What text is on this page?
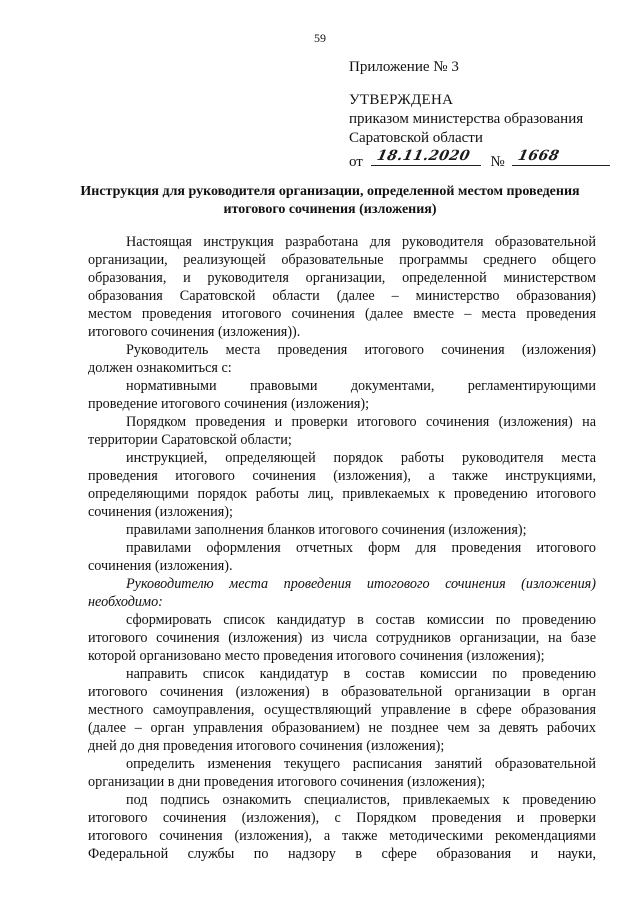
59
Приложение № 3
УТВЕРЖДЕНА
приказом министерства образования
Саратовской области
от 18.11.2020 № 1668
Инструкция для руководителя организации, определенной местом проведения итогового сочинения (изложения)
Настоящая инструкция разработана для руководителя образовательной
организации, реализующей образовательные программы среднего общего
образования, и руководителя организации, определенной министерством
образования Саратовской области (далее – министерство образования)
местом проведения итогового сочинения (далее вместе – места проведения
итогового сочинения (изложения)).
Руководитель места проведения итогового сочинения (изложения)
должен ознакомиться с:
нормативными правовыми документами, регламентирующими
проведение итогового сочинения (изложения);
Порядком проведения и проверки итогового сочинения (изложения) на
территории Саратовской области;
инструкцией, определяющей порядок работы руководителя места
проведения итогового сочинения (изложения), а также инструкциями,
определяющими порядок работы лиц, привлекаемых к проведению итогового
сочинения (изложения);
правилами заполнения бланков итогового сочинения (изложения);
правилами оформления отчетных форм для проведения итогового
сочинения (изложения).
Руководителю места проведения итогового сочинения (изложения)
необходимо:
сформировать список кандидатур в состав комиссии по проведению
итогового сочинения (изложения) из числа сотрудников организации, на базе
которой организовано место проведения итогового сочинения (изложения);
направить список кандидатур в состав комиссии по проведению
итогового сочинения (изложения) в образовательной организации в орган
местного самоуправления, осуществляющий управление в сфере образования
(далее – орган управления образованием) не позднее чем за девять рабочих
дней до дня проведения итогового сочинения (изложения);
определить изменения текущего расписания занятий образовательной
организации в дни проведения итогового сочинения (изложения);
под подпись ознакомить специалистов, привлекаемых к проведению
итогового сочинения (изложения), с Порядком проведения и проверки
итогового сочинения (изложения), а также методическими рекомендациями
Федеральной службы по надзору в сфере образования и науки,
